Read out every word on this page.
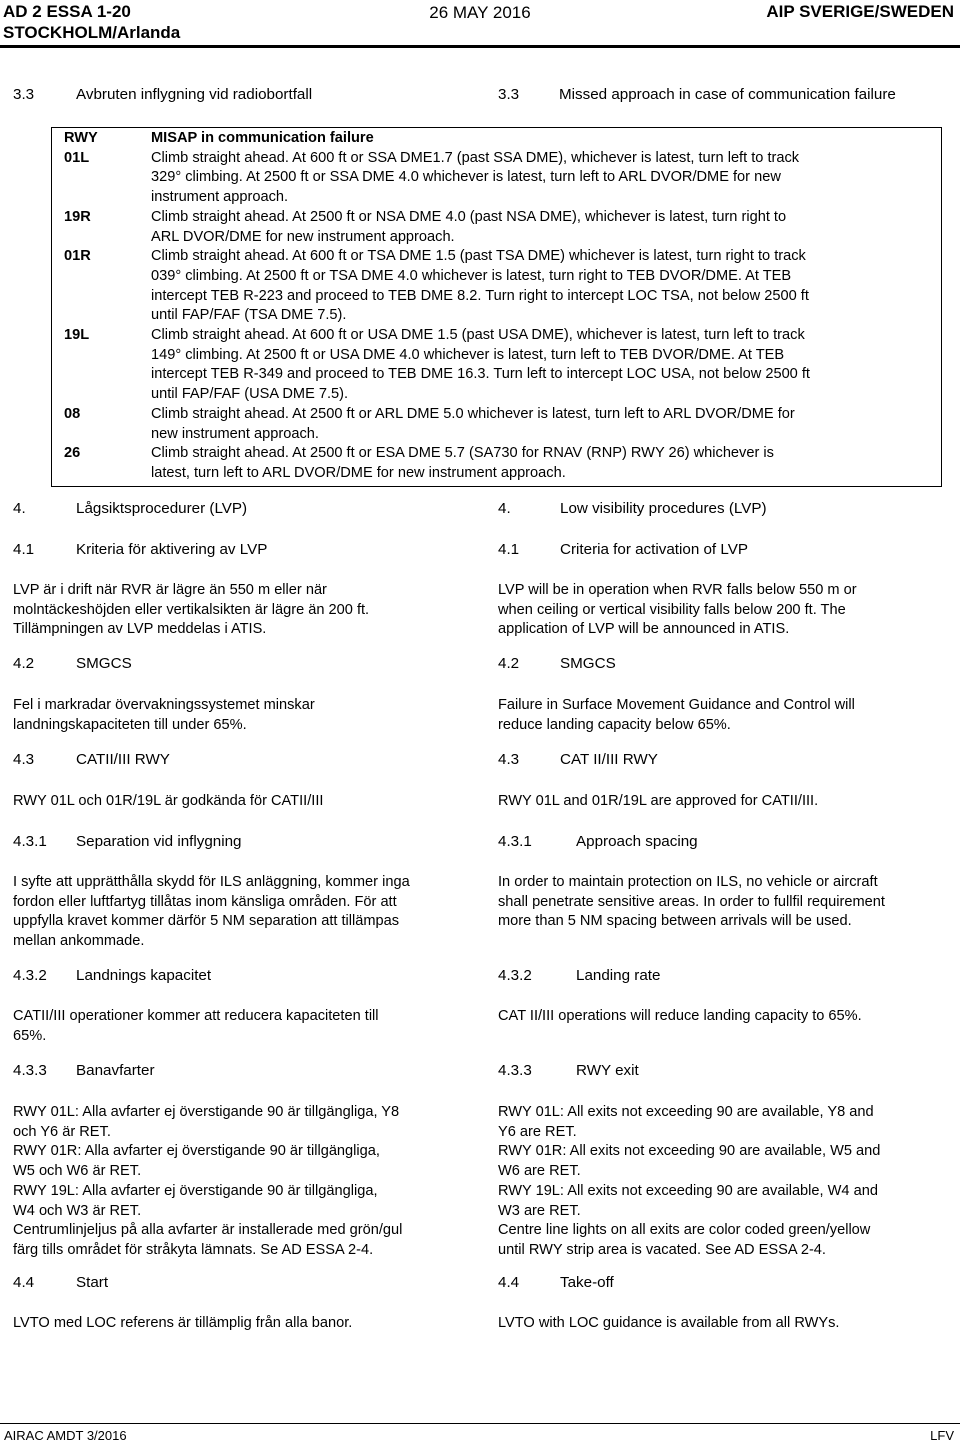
AD 2 ESSA 1-20
STOCKHOLM/Arlanda
26 MAY 2016	AIP SVERIGE/SWEDEN
3.3	Avbruten inflygning vid radiobortfall	3.3	Missed approach in case of communication failure
RWY	MISAP in communication failure
01L	Climb straight ahead. At 600 ft or SSA DME1.7 (past SSA DME), whichever is latest, turn left to track
329° climbing. At 2500 ft or SSA DME 4.0 whichever is latest, turn left to ARL DVOR/DME for new
instrument approach.

19R	Climb straight ahead. At 2500 ft or NSA DME 4.0 (past NSA DME), whichever is latest, turn right to
ARL DVOR/DME for new instrument approach.

01R	Climb straight ahead. At 600 ft or TSA DME 1.5 (past TSA DME) whichever is latest, turn right to track
039° climbing. At 2500 ft or TSA DME 4.0 whichever is latest, turn right to TEB DVOR/DME. At TEB
intercept TEB R-223 and proceed to TEB DME 8.2. Turn right to intercept LOC TSA, not below 2500 ft
until FAP/FAF (TSA DME 7.5).

19L	Climb straight ahead. At 600 ft or USA DME 1.5 (past USA DME), whichever is latest, turn left to track
149° climbing. At 2500 ft or USA DME 4.0 whichever is latest, turn left to TEB DVOR/DME. At TEB
intercept TEB R-349 and proceed to TEB DME 16.3. Turn left to intercept LOC USA, not below 2500 ft
until FAP/FAF (USA DME 7.5).

08	Climb straight ahead. At 2500 ft or ARL DME 5.0 whichever is latest, turn left to ARL DVOR/DME for
new instrument approach.

26	Climb straight ahead. At 2500 ft or ESA DME 5.7 (SA730 for RNAV (RNP) RWY 26) whichever is
latest, turn left to ARL DVOR/DME for new instrument approach.
4.	Lågsiktsprocedurer (LVP)	4.	Low visibility procedures (LVP)
4.1	Kriteria för aktivering av LVP
LVP är i drift när RVR är lägre än 550 m eller när
molntäckeshöjden eller vertikalsikten är lägre än 200 ft.
Tillämpningen av LVP meddelas i ATIS.
4.1	Criteria for activation of LVP
LVP will be in operation when RVR falls below 550 m or
when ceiling or vertical visibility falls below 200 ft. The
application of LVP will be announced in ATIS.
4.2	SMGCS
Fel i markradar övervakningssystemet minskar
landningskapaciteten till under 65%.
4.2	SMGCS
Failure in Surface Movement Guidance and Control will
reduce landing capacity below 65%.
4.3	CATII/III RWY
RWY 01L och 01R/19L är godkända för CATII/III
4.3	CAT II/III RWY
RWY 01L and 01R/19L are approved for CATII/III.
4.3.1 Separation vid inflygning
I syfte att upprätthålla skydd för ILS anläggning, kommer inga
fordon eller luftfartyg tillåtas inom känsliga områden. För att
uppfylla kravet kommer därför 5 NM separation att tillämpas
mellan ankommade.
4.3.1	Approach spacing
In order to maintain protection on ILS, no vehicle or aircraft
shall penetrate sensitive areas. In order to fullfil requirement
more than 5 NM spacing between arrivals will be used.
4.3.2 Landnings kapacitet
CATII/III operationer kommer att reducera kapaciteten till
65%.
4.3.2	Landing rate
CAT II/III operations will reduce landing capacity to 65%.
4.3.3 Banavfarter
RWY 01L: Alla avfarter ej överstigande 90 är tillgängliga, Y8
och Y6 är RET.
RWY 01R: Alla avfarter ej överstigande 90 är tillgängliga,
W5 och W6 är RET.
RWY 19L: Alla avfarter ej överstigande 90 är tillgängliga,
W4 och W3 är RET.
Centrumlinjeljus på alla avfarter är installerade med grön/gul
färg tills området för stråkyta lämnats. Se AD ESSA 2-4.
4.3.3	RWY exit
RWY 01L: All exits not exceeding 90 are available, Y8 and
Y6 are RET.
RWY 01R: All exits not exceeding 90 are available, W5 and
W6 are RET.
RWY 19L: All exits not exceeding 90 are available, W4 and
W3 are RET.
Centre line lights on all exits are color coded green/yellow
until RWY strip area is vacated. See AD ESSA 2-4.
4.4	Start
LVTO med LOC referens är tillämplig från alla banor.
4.4	Take-off
LVTO with LOC guidance is available from all RWYs.
AIRAC AMDT 3/2016	LFV
